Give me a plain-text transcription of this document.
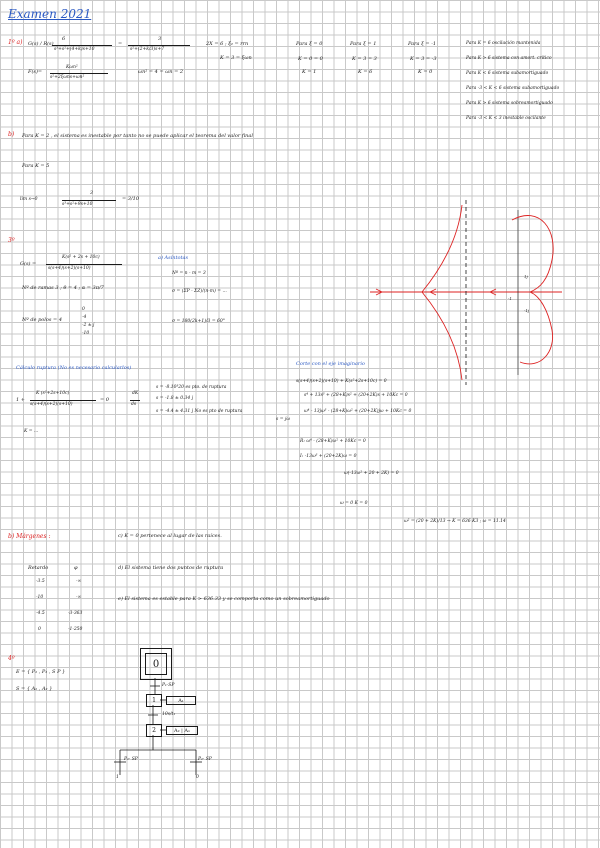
Examen 2021
1º a) G(s) / R(s)
6
s³+s²+(4+k)s+10
=
3
s²+(2+k/3)s+7
2X = 6 ; ξ₂ = rrn
K = 3 = ξωn
F(s)=
Kωn²
s²+2ξωns+ωn²
ωn² = 4 = ωn = 2
Para ξ = 0
K = 0 = 0
K = 1
Para ξ = 1
K = 3 = 3
K = 6
Para ξ = -1
K = 3 = -3
K = 0
Para K = 6 oscilación mantenida
Para K > 6 sistema con amort. crítico
Para K < 6 sistema subamortiguado
Para -3 < K < 6 sistema subamortiguado
Para K > 6 sistema sobreamortiguado
Para -3 < K < 3 inestable oscilante
b) Para K = 2 , el sistema es inestable por tanto no se puede aplicar el teorema del valor final
Para K = 5
lim s→0
3
s³+s²+9s+10
= 3/10
3º
G(s) =
K(s² + 2s + 10c)
s(s+4)(s+2)(s+10)
Nº de ramas 3 ; θ = 4 ; α = 3π/7
Nº de polos = 4
0
-4
-2 ± j
-10
a) Asíntotas
Nº = n - m = 3
σ = (ΣP - ΣZ)/(n-m) = ...
σ = 180(2k+1)/3 = 60°
Cálculo ruptura (No es necesario calcularlos)
1 +
K (s²+2s+10c)
s(s+4)(s+2)(s+10)
= 0
dK
ds
s = -8.10³20 es pto. de ruptura
s = -1.8 ± 0.34 j
s = -4.4 ± 4.31 j No es pto de ruptura
K = ...
Corte con el eje imaginario
s(s+4)(s+2)(s+10) + K(s²+2s+10c) = 0
s⁴ + 13s³ + (28+K)s² + (20+2K)s + 10Kc = 0
s = jω
ω⁴ - 13jω³ - (28+K)ω² + (20+2K)jω + 10Kc = 0
R: ω⁴ - (28+K)ω² + 10Kc = 0
I: -13ω³ + (20+2K)ω = 0
ω(-13ω² + 20 + 2K) = 0
ω = 0 K = 0
ω² = (20 + 2K)/13 → K = 636 K3 ; ω = 11.14
b) Márgenes :
Retardo	φ
-3.5	-∞
-10	-∞
-4.5	-3·363
0	-1·250
c) K = 0 pertenece al lugar de las raíces.
d) El sistema tiene dos puntos de ruptura
e) El sistema es estable para K > 636.33 y se comporta como un sobreamortiguado
4º
E = { P₁ , P₂ , S P }
S = { A₁ , A₂ }
0
P₁·SP
1	A₁
10s/t₁
2	A₂ | A₁
P₂· SP	P₂· SP
1	0
-1
1j
-1j
